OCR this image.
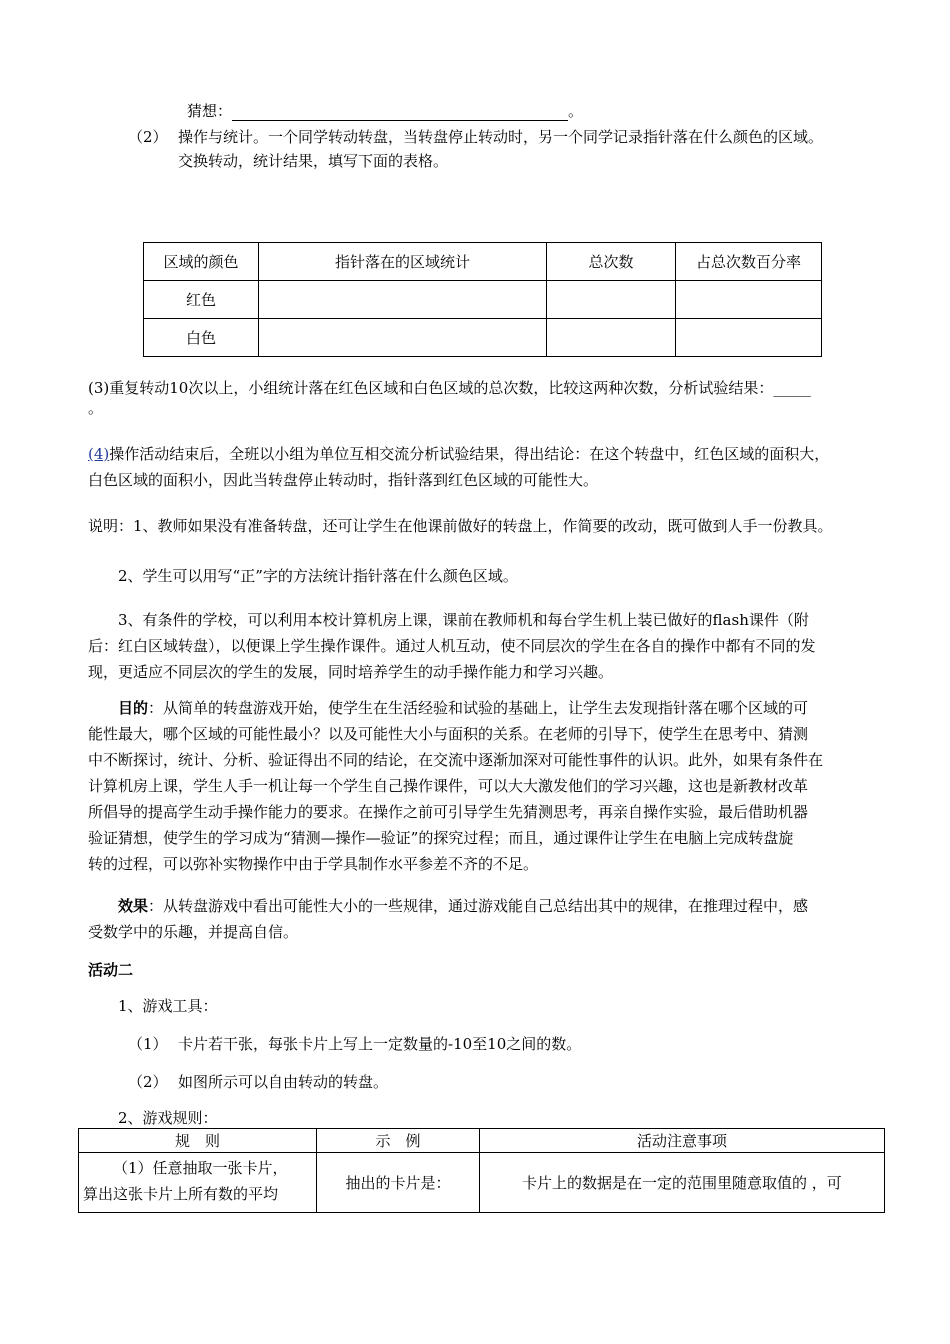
猜想：	。
（2） 操作与统计。一个同学转动转盘，当转盘停止转动时，另一个同学记录指针落在什么颜色的区域。
交换转动，统计结果，填写下面的表格。
区域的颜色	指针落在的区域统计	总次数	占总次数百分率
红色			
白色			
(3)重复转动10次以上，小组统计落在红色区域和白色区域的总次数，比较这两种次数，分析试验结果：_____
。
(4)操作活动结束后，全班以小组为单位互相交流分析试验结果，得出结论：在这个转盘中，红色区域的面积大，
白色区域的面积小，因此当转盘停止转动时，指针落到红色区域的可能性大。
说明：1、教师如果没有准备转盘，还可让学生在他课前做好的转盘上，作简要的改动，既可做到人手一份教具。
2、学生可以用写“正”字的方法统计指针落在什么颜色区域。
3、有条件的学校，可以利用本校计算机房上课，课前在教师机和每台学生机上装已做好的flash课件（附
后：红白区域转盘），以便课上学生操作课件。通过人机互动，使不同层次的学生在各自的操作中都有不同的发
现，更适应不同层次的学生的发展，同时培养学生的动手操作能力和学习兴趣。
目的：从简单的转盘游戏开始，使学生在生活经验和试验的基础上，让学生去发现指针落在哪个区域的可
能性最大，哪个区域的可能性最小？以及可能性大小与面积的关系。在老师的引导下，使学生在思考中、猜测
中不断探讨，统计、分析、验证得出不同的结论，在交流中逐渐加深对可能性事件的认识。此外，如果有条件在
计算机房上课，学生人手一机让每一个学生自己操作课件，可以大大激发他们的学习兴趣，这也是新教材改革
所倡导的提高学生动手操作能力的要求。在操作之前可引导学生先猜测思考，再亲自操作实验，最后借助机器
验证猜想，使学生的学习成为“猜测—操作—验证”的探究过程；而且，通过课件让学生在电脑上完成转盘旋
转的过程，可以弥补实物操作中由于学具制作水平参差不齐的不足。
效果：从转盘游戏中看出可能性大小的一些规律，通过游戏能自己总结出其中的规律，在推理过程中，感
受数学中的乐趣，并提高自信。
活动二
1、游戏工具：
（1） 卡片若干张，每张卡片上写上一定数量的-10至10之间的数。
（2） 如图所示可以自由转动的转盘。
2、游戏规则：
规　则	示　例	活动注意事项

（1）任意抽取一张卡片，
算出这张卡片上所有数的平均	抽出的卡片是：	卡片上的数据是在一定的范围里随意取值的 ，可
